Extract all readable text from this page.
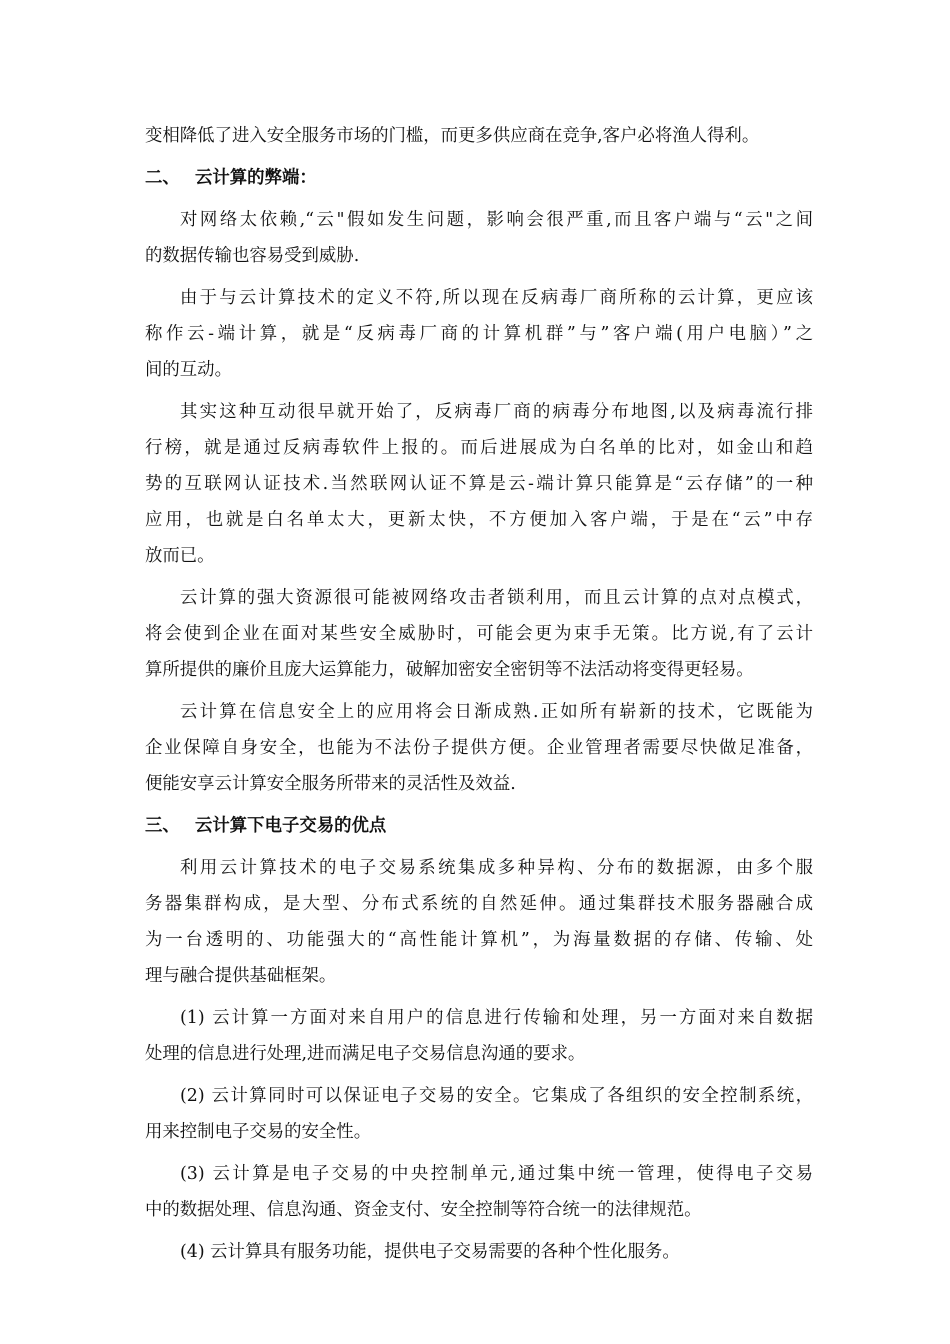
变相降低了进入安全服务市场的门槛，而更多供应商在竞争,客户必将渔人得利。
二、 云计算的弊端：
对网络太依赖,“云"假如发生问题，影响会很严重,而且客户端与“云"之间
的数据传输也容易受到威胁.
由于与云计算技术的定义不符,所以现在反病毒厂商所称的云计算，更应该
称作云-端计算，就是“反病毒厂商的计算机群”与”客户端(用户电脑）”之
间的互动。
其实这种互动很早就开始了，反病毒厂商的病毒分布地图,以及病毒流行排
行榜，就是通过反病毒软件上报的。而后进展成为白名单的比对，如金山和趋
势的互联网认证技术.当然联网认证不算是云-端计算只能算是“云存储”的一种
应用，也就是白名单太大，更新太快，不方便加入客户端，于是在“云”中存
放而已。
云计算的强大资源很可能被网络攻击者锁利用，而且云计算的点对点模式，
将会使到企业在面对某些安全威胁时，可能会更为束手无策。比方说,有了云计
算所提供的廉价且庞大运算能力，破解加密安全密钥等不法活动将变得更轻易。
云计算在信息安全上的应用将会日渐成熟.正如所有崭新的技术，它既能为
企业保障自身安全，也能为不法份子提供方便。企业管理者需要尽快做足准备，
便能安享云计算安全服务所带来的灵活性及效益.
三、 云计算下电子交易的优点
利用云计算技术的电子交易系统集成多种异构、分布的数据源，由多个服
务器集群构成，是大型、分布式系统的自然延伸。通过集群技术服务器融合成
为一台透明的、功能强大的“高性能计算机”，为海量数据的存储、传输、处
理与融合提供基础框架。
(1) 云计算一方面对来自用户的信息进行传输和处理，另一方面对来自数据
处理的信息进行处理,进而满足电子交易信息沟通的要求。
(2) 云计算同时可以保证电子交易的安全。它集成了各组织的安全控制系统，
用来控制电子交易的安全性。
(3) 云计算是电子交易的中央控制单元,通过集中统一管理，使得电子交易
中的数据处理、信息沟通、资金支付、安全控制等符合统一的法律规范。
(4) 云计算具有服务功能，提供电子交易需要的各种个性化服务。
